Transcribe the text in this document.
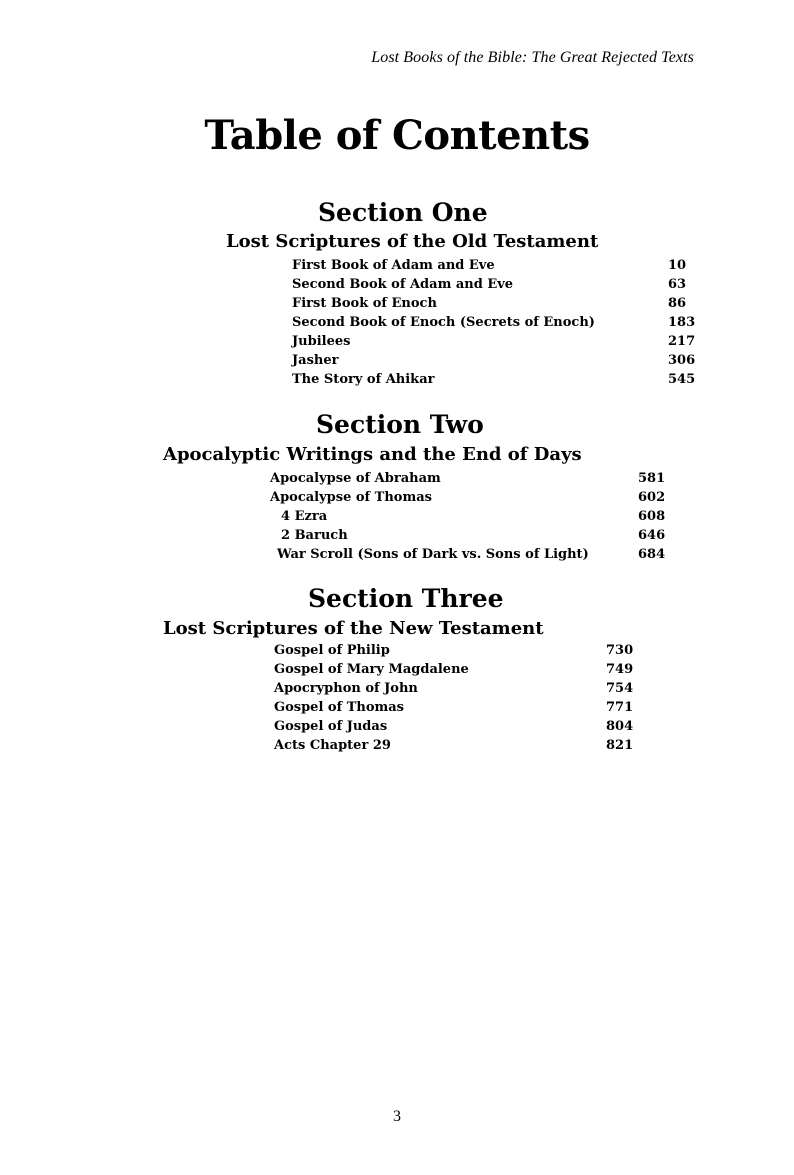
Lost Books of the Bible: The Great Rejected Texts
Table of Contents
Section One
Lost Scriptures of the Old Testament
First Book of Adam and Eve	10
Second Book of Adam and Eve	63
First Book of Enoch	86
Second Book of Enoch (Secrets of Enoch)	183
Jubilees	217
Jasher	306
The Story of Ahikar	545
Section Two
Apocalyptic Writings and the End of Days
Apocalypse of Abraham	581
Apocalypse of Thomas	602
4 Ezra	608
2 Baruch	646
War Scroll (Sons of Dark vs. Sons of Light)	684
Section Three
Lost Scriptures of the New Testament
Gospel of Philip	730
Gospel of Mary Magdalene	749
Apocryphon of John	754
Gospel of Thomas	771
Gospel of Judas	804
Acts Chapter 29	821
3
